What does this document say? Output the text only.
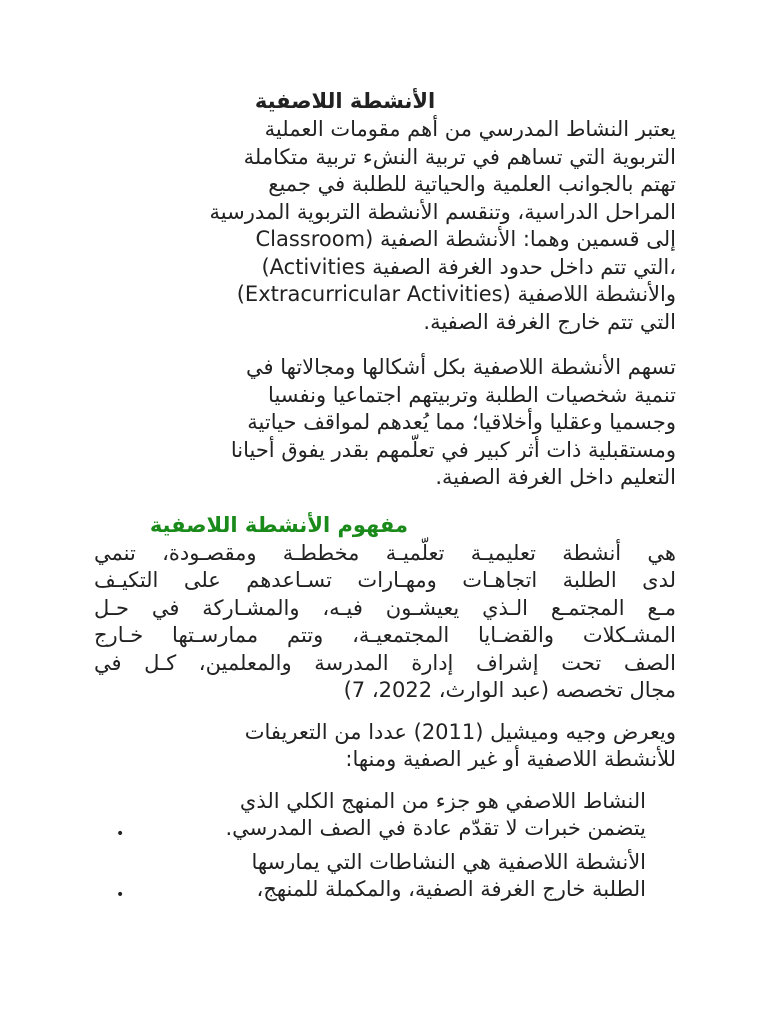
الأنشطة اللاصفية
يعتبر النشاط المدرسي من أهم مقومات العملية
التربوية التي تساهم في تربية النشء تربية متكاملة
تهتم بالجوانب العلمية والحياتية للطلبة في جميع
المراحل الدراسية، وتنقسم الأنشطة التربوية المدرسية
إلى قسمين وهما: الأنشطة الصفية (Classroom
(Activities التي تتم داخل حدود الغرفة الصفية،
والأنشطة اللاصفية (Extracurricular Activities)
التي تتم خارج الغرفة الصفية.
تسهم الأنشطة اللاصفية بكل أشكالها ومجالاتها في
تنمية شخصيات الطلبة وتربيتهم اجتماعيا ونفسيا
وجسميا وعقليا وأخلاقيا؛ مما يُعدهم لمواقف حياتية
ومستقبلية ذات أثر كبير في تعلّمهم بقدر يفوق أحيانا
التعليم داخل الغرفة الصفية.
مفهوم الأنشطة اللاصفية
هي أنشطة تعليميـة تعلّميـة مخططـة ومقصـودة، تنمي
لدى الطلبة اتجاهـات ومهـارات تسـاعدهم على التكيـف
مـع المجتمـع الـذي يعيشـون فيـه، والمشـاركة في حـل
المشـكلات والقضـايا المجتمعيـة، وتتم ممارسـتها خـارج
الصف تحت إشراف إدارة المدرسة والمعلمين، كـل في
مجال تخصصه (عبد الوارث، 2022، 7)
ويعرض وجيه وميشيل (2011) عددا من التعريفات
للأنشطة اللاصفية أو غير الصفية ومنها:
النشاط اللاصفي هو جزء من المنهج الكلي الذي
يتضمن خبرات لا تقدّم عادة في الصف المدرسي.
الأنشطة اللاصفية هي النشاطات التي يمارسها
الطلبة خارج الغرفة الصفية، والمكملة للمنهج،
•
•
